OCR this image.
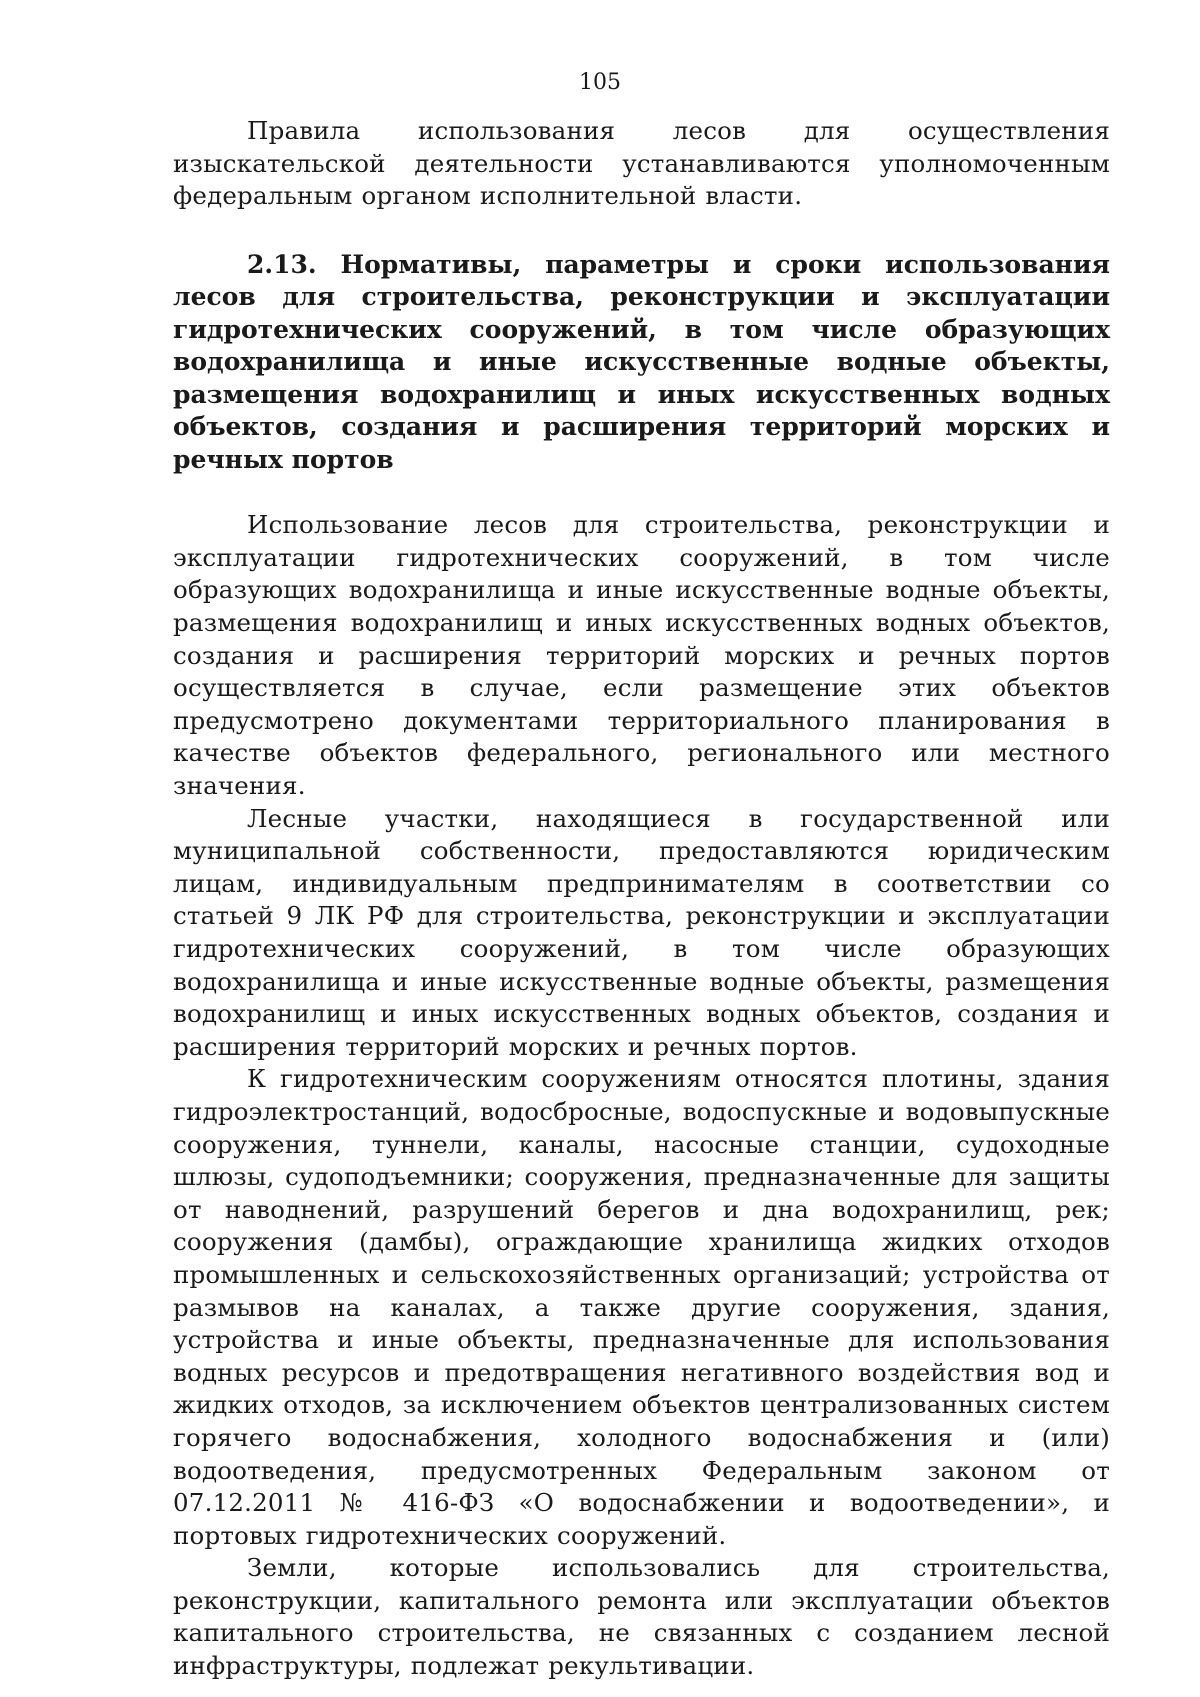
105

Правила использования лесов для осуществления изыскательской деятельности устанавливаются уполномоченным федеральным органом исполнительной власти.

2.13. Нормативы, параметры и сроки использования лесов для строительства, реконструкции и эксплуатации гидротехнических сооружений, в том числе образующих водохранилища и иные искусственные водные объекты, размещения водохранилищ и иных искусственных водных объектов, создания и расширения территорий морских и речных портов

Использование лесов для строительства, реконструкции и эксплуатации гидротехнических сооружений, в том числе образующих водохранилища и иные искусственные водные объекты, размещения водохранилищ и иных искусственных водных объектов, создания и расширения территорий морских и речных портов осуществляется в случае, если размещение этих объектов предусмотрено документами территориального планирования в качестве объектов федерального, регионального или местного значения.

Лесные участки, находящиеся в государственной или муниципальной собственности, предоставляются юридическим лицам, индивидуальным предпринимателям в соответствии со статьей 9 ЛК РФ для строительства, реконструкции и эксплуатации гидротехнических сооружений, в том числе образующих водохранилища и иные искусственные водные объекты, размещения водохранилищ и иных искусственных водных объектов, создания и расширения территорий морских и речных портов.

К гидротехническим сооружениям относятся плотины, здания гидроэлектростанций, водосбросные, водоспускные и водовыпускные сооружения, туннели, каналы, насосные станции, судоходные шлюзы, судоподъемники; сооружения, предназначенные для защиты от наводнений, разрушений берегов и дна водохранилищ, рек; сооружения (дамбы), ограждающие хранилища жидких отходов промышленных и сельскохозяйственных организаций; устройства от размывов на каналах, а также другие сооружения, здания, устройства и иные объекты, предназначенные для использования водных ресурсов и предотвращения негативного воздействия вод и жидких отходов, за исключением объектов централизованных систем горячего водоснабжения, холодного водоснабжения и (или) водоотведения, предусмотренных Федеральным законом от 07.12.2011 № 416-ФЗ «О водоснабжении и водоотведении», и портовых гидротехнических сооружений.

Земли, которые использовались для строительства, реконструкции, капитального ремонта или эксплуатации объектов капитального строительства, не связанных с созданием лесной инфраструктуры, подлежат рекультивации.
